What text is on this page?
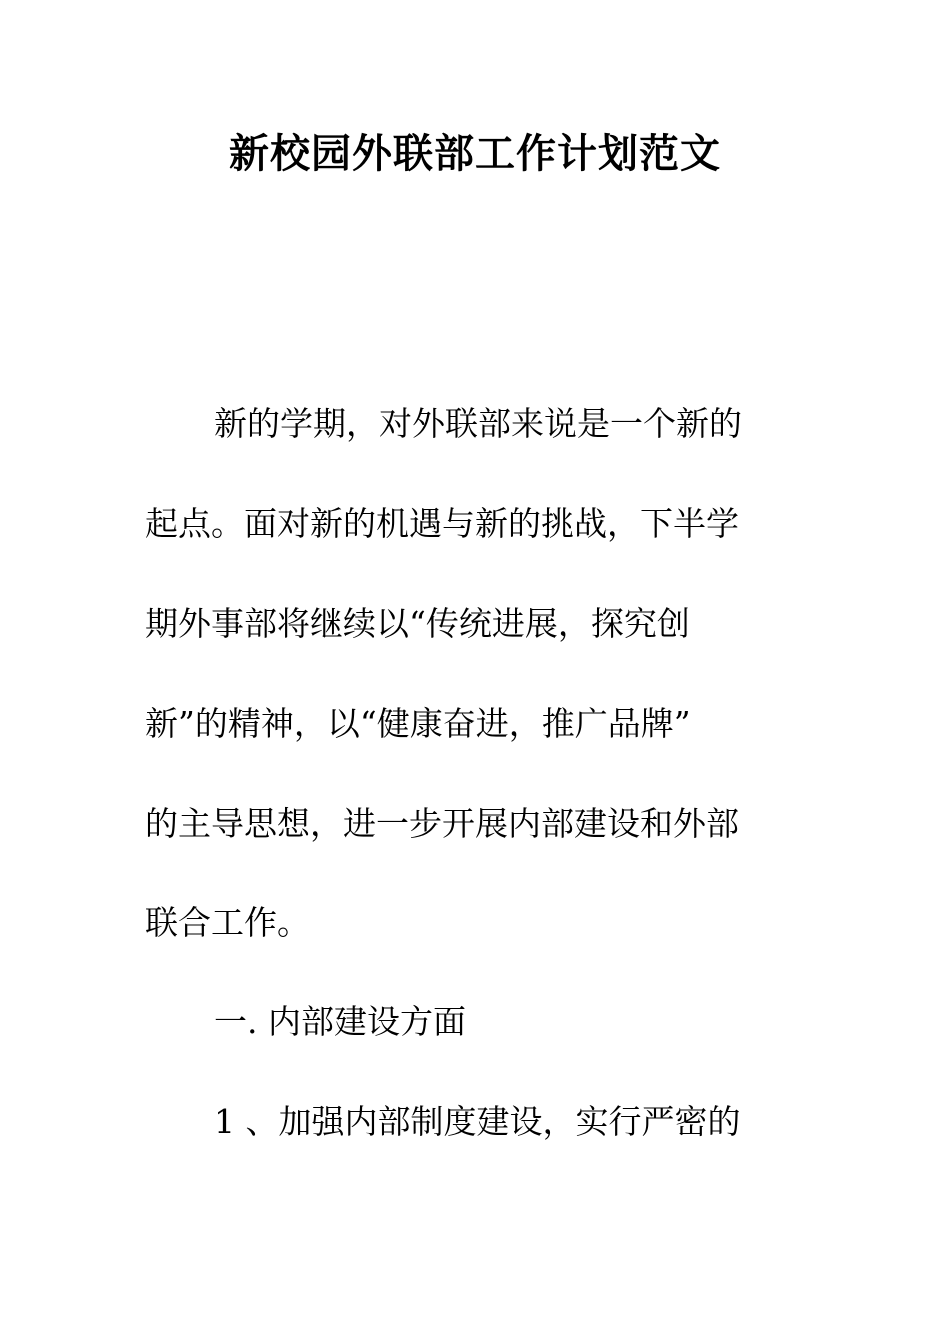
新校园外联部工作计划范文

新的学期，对外联部来说是一个新的

起点。面对新的机遇与新的挑战，下半学

期外事部将继续以“传统进展，探究创

新”的精神，以“健康奋进，推广品牌”

的主导思想，进一步开展内部建设和外部

联合工作。

一. 内部建设方面

1 、加强内部制度建设，实行严密的
